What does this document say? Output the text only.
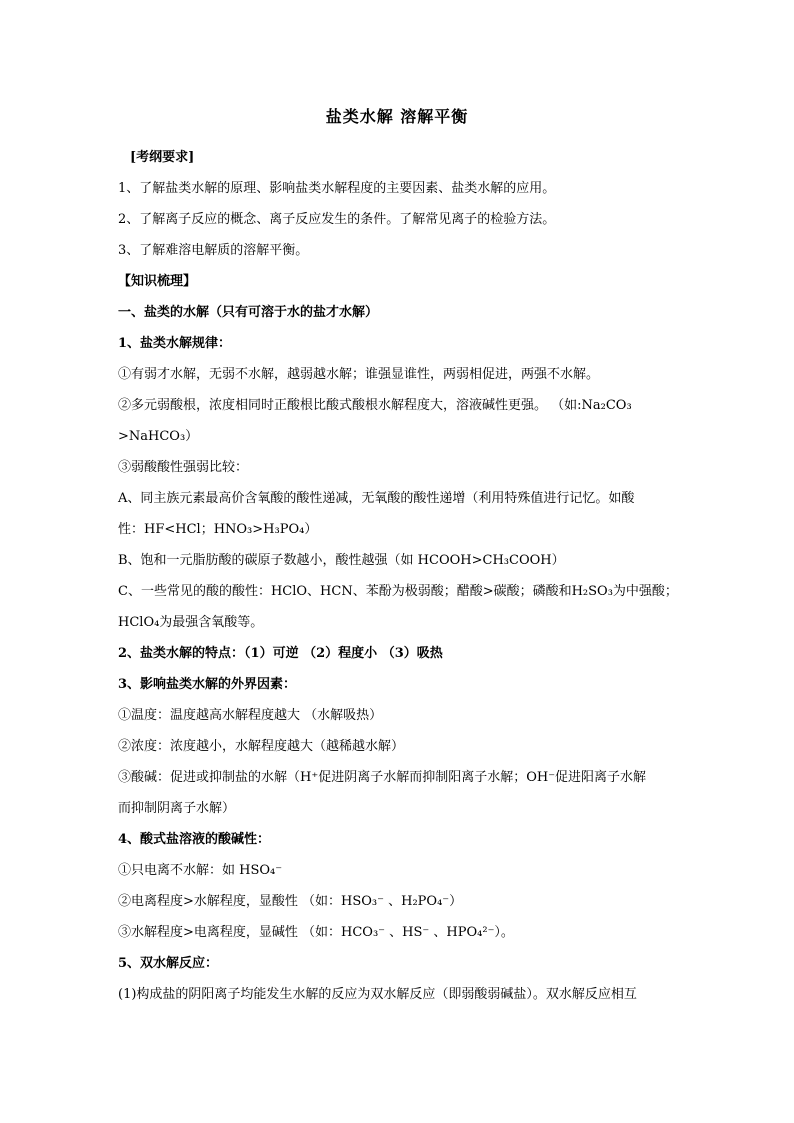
盐类水解 溶解平衡
[考纲要求]
1、了解盐类水解的原理、影响盐类水解程度的主要因素、盐类水解的应用。
2、了解离子反应的概念、离子反应发生的条件。了解常见离子的检验方法。
3、了解难溶电解质的溶解平衡。
【知识梳理】
一、盐类的水解（只有可溶于水的盐才水解）
1、盐类水解规律：
①有弱才水解，无弱不水解，越弱越水解；谁强显谁性，两弱相促进，两强不水解。
②多元弱酸根，浓度相同时正酸根比酸式酸根水解程度大，溶液碱性更强。 （如:Na₂CO₃
>NaHCO₃）
③弱酸酸性强弱比较：
A、同主族元素最高价含氧酸的酸性递减，无氧酸的酸性递增（利用特殊值进行记忆。如酸
性：HF<HCl；HNO₃>H₃PO₄）
B、饱和一元脂肪酸的碳原子数越小，酸性越强（如 HCOOH>CH₃COOH）
C、一些常见的酸的酸性：HClO、HCN、苯酚为极弱酸；醋酸>碳酸；磷酸和H₂SO₃为中强酸；
HClO₄为最强含氧酸等。
2、盐类水解的特点：（1）可逆 （2）程度小 （3）吸热
3、影响盐类水解的外界因素：
①温度：温度越高水解程度越大 （水解吸热）
②浓度：浓度越小，水解程度越大（越稀越水解）
③酸碱：促进或抑制盐的水解（H⁺促进阴离子水解而抑制阳离子水解；OH⁻促进阳离子水解
而抑制阴离子水解）
4、酸式盐溶液的酸碱性：
①只电离不水解：如 HSO₄⁻
②电离程度>水解程度，显酸性 （如：HSO₃⁻ 、H₂PO₄⁻）
③水解程度>电离程度，显碱性 （如：HCO₃⁻ 、HS⁻ 、HPO₄²⁻）。
5、双水解反应：
(1)构成盐的阴阳离子均能发生水解的反应为双水解反应（即弱酸弱碱盐）。双水解反应相互
